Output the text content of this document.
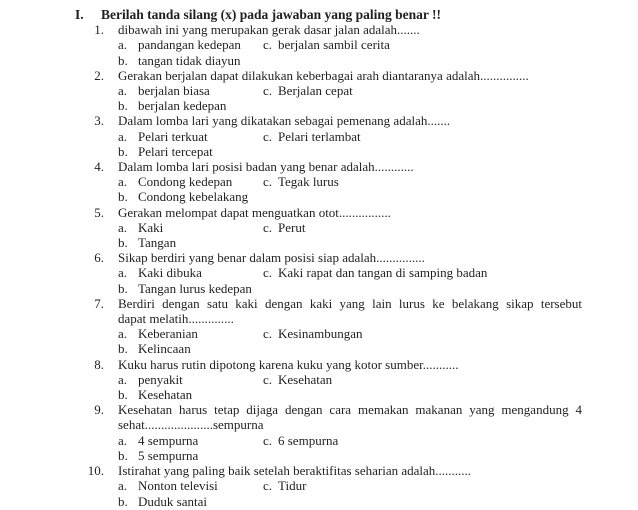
I.	Berilah tanda silang (x) pada jawaban yang paling benar !!
1. dibawah ini yang merupakan gerak dasar jalan adalah.......
a. pandangan kedepan c. berjalan sambil cerita
b. tangan tidak diayun
2. Gerakan berjalan dapat dilakukan keberbagai arah diantaranya adalah...............
a. berjalan biasa	c. Berjalan cepat
b. berjalan kedepan
3. Dalam lomba lari yang dikatakan sebagai pemenang adalah.......
a. Pelari terkuat	c. Pelari terlambat
b. Pelari tercepat
4. Dalam lomba lari posisi badan yang benar adalah............
a. Condong kedepan c. Tegak lurus
b. Condong kebelakang
5. Gerakan melompat dapat menguatkan otot................
a. Kaki	c. Perut
b. Tangan
6. Sikap berdiri yang benar dalam posisi siap adalah...............
a. Kaki dibuka	c. Kaki rapat dan tangan di samping badan
b. Tangan lurus kedepan
7. Berdiri dengan satu kaki dengan kaki yang lain lurus ke belakang sikap tersebut
dapat melatih..............
a. Keberanian	c. Kesinambungan
b. Kelincaan
8. Kuku harus rutin dipotong karena kuku yang kotor sumber...........
a. penyakit	c. Kesehatan
b. Kesehatan
9. Kesehatan harus tetap dijaga dengan cara memakan makanan yang mengandung 4
sehat.....................sempurna
a. 4 sempurna	c. 6 sempurna
b. 5 sempurna
10. Istirahat yang paling baik setelah beraktifitas seharian adalah...........
a. Nonton televisi	c. Tidur
b. Duduk santai
